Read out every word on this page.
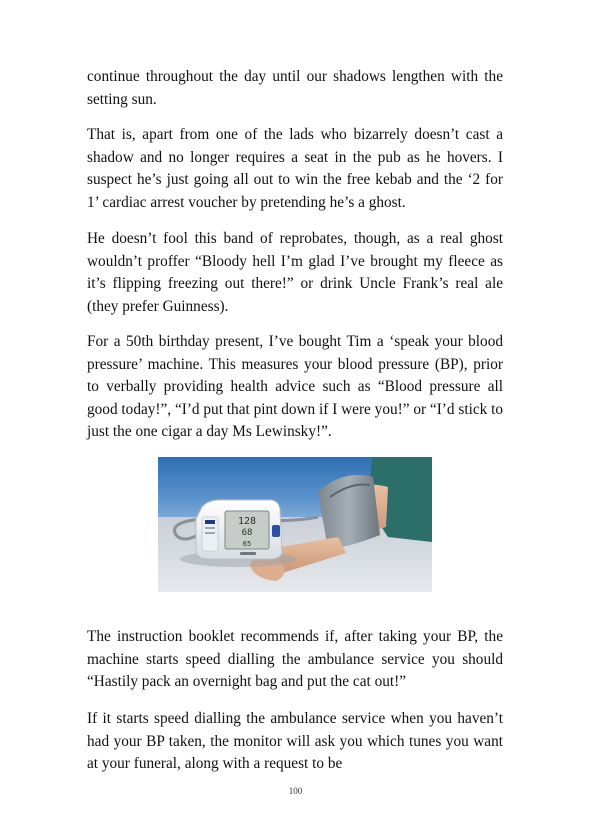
continue throughout the day until our shadows lengthen with the setting sun.

That is, apart from one of the lads who bizarrely doesn’t cast a shadow and no longer requires a seat in the pub as he hovers. I suspect he’s just going all out to win the free kebab and the ‘2 for 1’ cardiac arrest voucher by pretending he’s a ghost.

He doesn’t fool this band of reprobates, though, as a real ghost wouldn’t proffer “Bloody hell I’m glad I’ve brought my fleece as it’s flipping freezing out there!” or drink Uncle Frank’s real ale (they prefer Guinness).

For a 50th birthday present, I’ve bought Tim a ‘speak your blood pressure’ machine. This measures your blood pressure (BP), prior to verbally providing health advice such as “Blood pressure all good today!”, “I’d put that pint down if I were you!” or “I’d stick to just the one cigar a day Ms Lewinsky!”.

128
68
65

The instruction booklet recommends if, after taking your BP, the machine starts speed dialling the ambulance service you should “Hastily pack an overnight bag and put the cat out!”

If it starts speed dialling the ambulance service when you haven’t had your BP taken, the monitor will ask you which tunes you want at your funeral, along with a request to be

100
